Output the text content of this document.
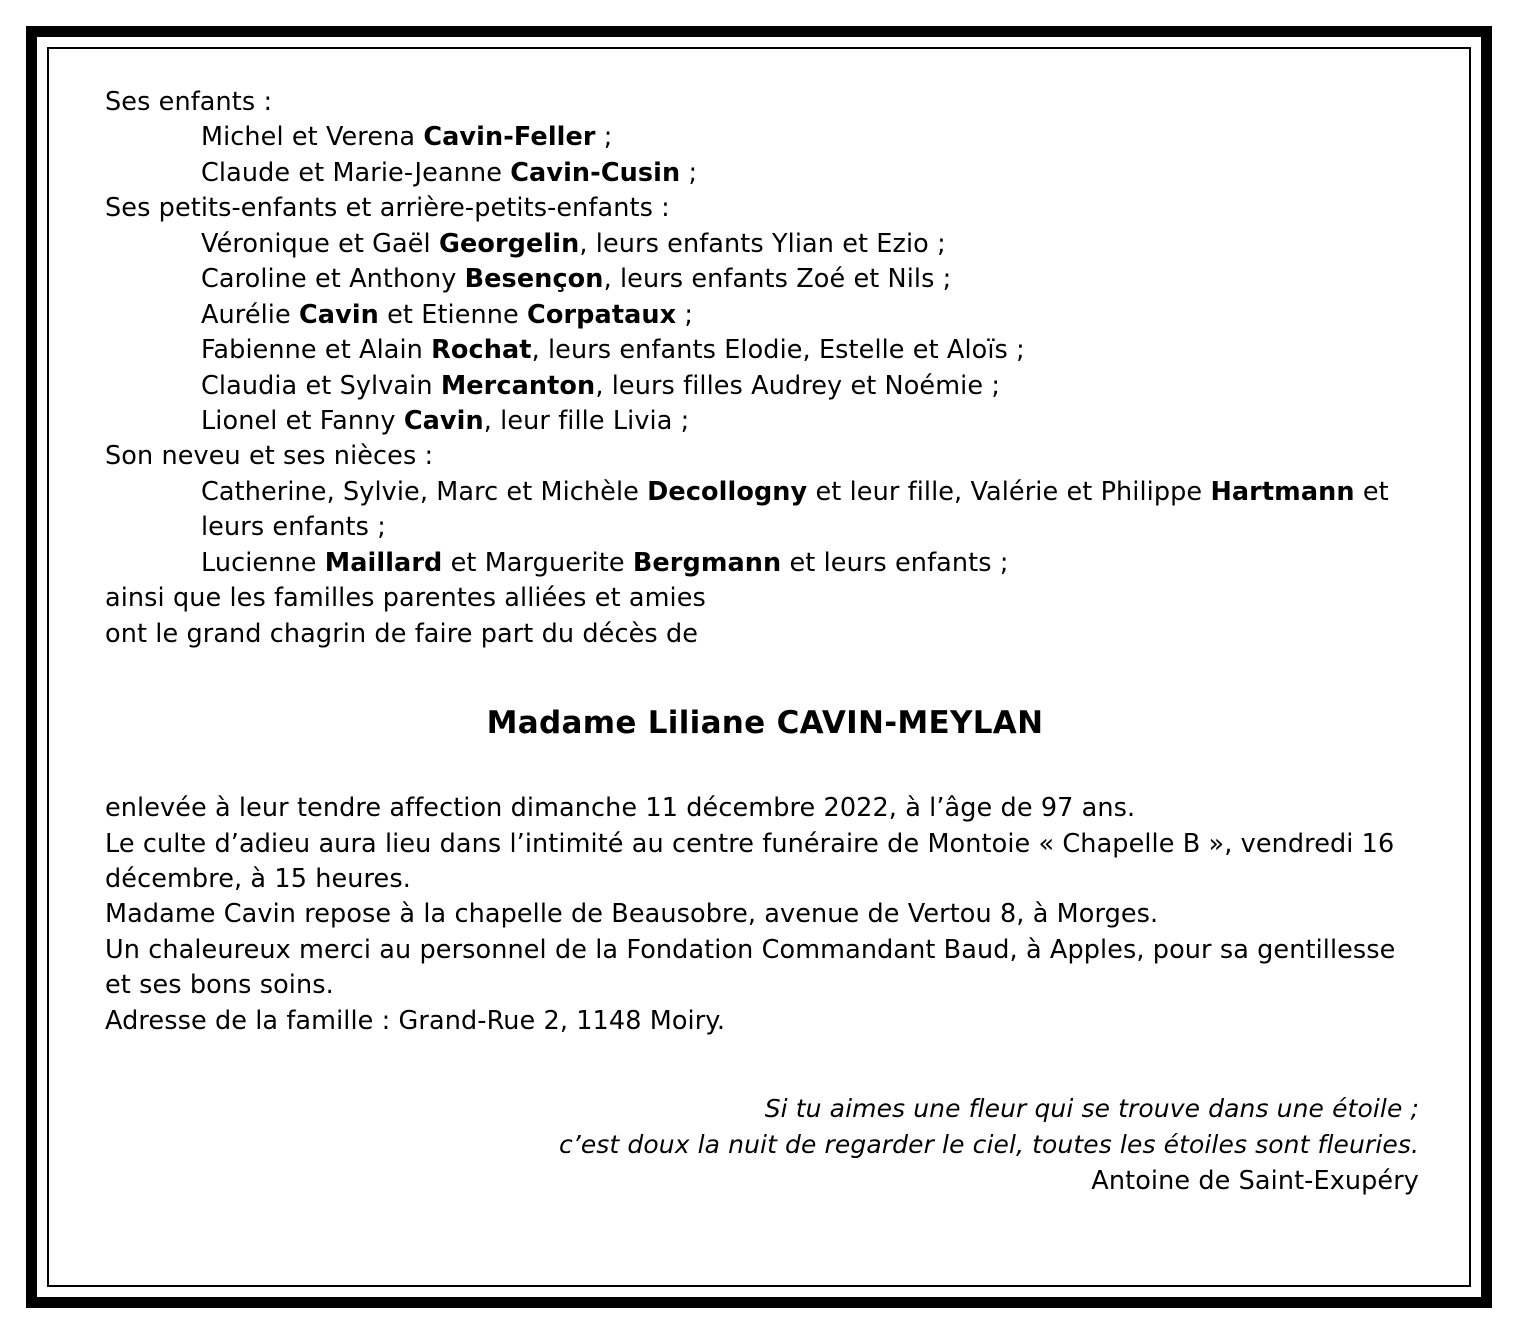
Ses enfants :
Michel et Verena Cavin-Feller ;
Claude et Marie-Jeanne Cavin-Cusin ;
Ses petits-enfants et arrière-petits-enfants :
Véronique et Gaël Georgelin, leurs enfants Ylian et Ezio ;
Caroline et Anthony Besençon, leurs enfants Zoé et Nils ;
Aurélie Cavin et Etienne Corpataux ;
Fabienne et Alain Rochat, leurs enfants Elodie, Estelle et Aloïs ;
Claudia et Sylvain Mercanton, leurs filles Audrey et Noémie ;
Lionel et Fanny Cavin, leur fille Livia ;
Son neveu et ses nièces :
Catherine, Sylvie, Marc et Michèle Decollogny et leur fille, Valérie et Philippe Hartmann et leurs enfants ;
Lucienne Maillard et Marguerite Bergmann et leurs enfants ;
ainsi que les familles parentes alliées et amies
ont le grand chagrin de faire part du décès de
Madame Liliane CAVIN-MEYLAN
enlevée à leur tendre affection dimanche 11 décembre 2022, à l’âge de 97 ans.
Le culte d’adieu aura lieu dans l’intimité au centre funéraire de Montoie « Chapelle B », vendredi 16 décembre, à 15 heures.
Madame Cavin repose à la chapelle de Beausobre, avenue de Vertou 8, à Morges.
Un chaleureux merci au personnel de la Fondation Commandant Baud, à Apples, pour sa gentillesse et ses bons soins.
Adresse de la famille : Grand-Rue 2, 1148 Moiry.
Si tu aimes une fleur qui se trouve dans une étoile ;
c’est doux la nuit de regarder le ciel, toutes les étoiles sont fleuries.
Antoine de Saint-Exupéry
